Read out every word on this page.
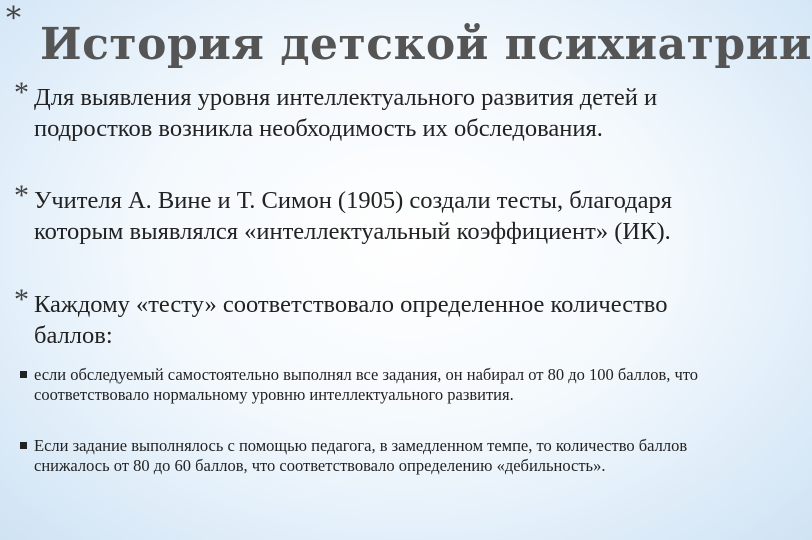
*
История детской психиатрии
* Для выявления уровня интеллектуального развития детей и подростков возникла необходимость их обследования.
* Учителя А. Вине и Т. Симон (1905) создали тесты, благодаря которым выявлялся «интеллектуальный коэффициент» (ИК).
* Каждому «тесту» соответствовало определенное количество баллов:
если обследуемый самостоятельно выполнял все задания, он набирал от 80 до 100 баллов, что соответствовало нормальному уровню интеллектуального развития.
Если задание выполнялось с помощью педагога, в замедленном темпе, то количество баллов снижалось от 80 до 60 баллов, что соответствовало определению «дебильность».
